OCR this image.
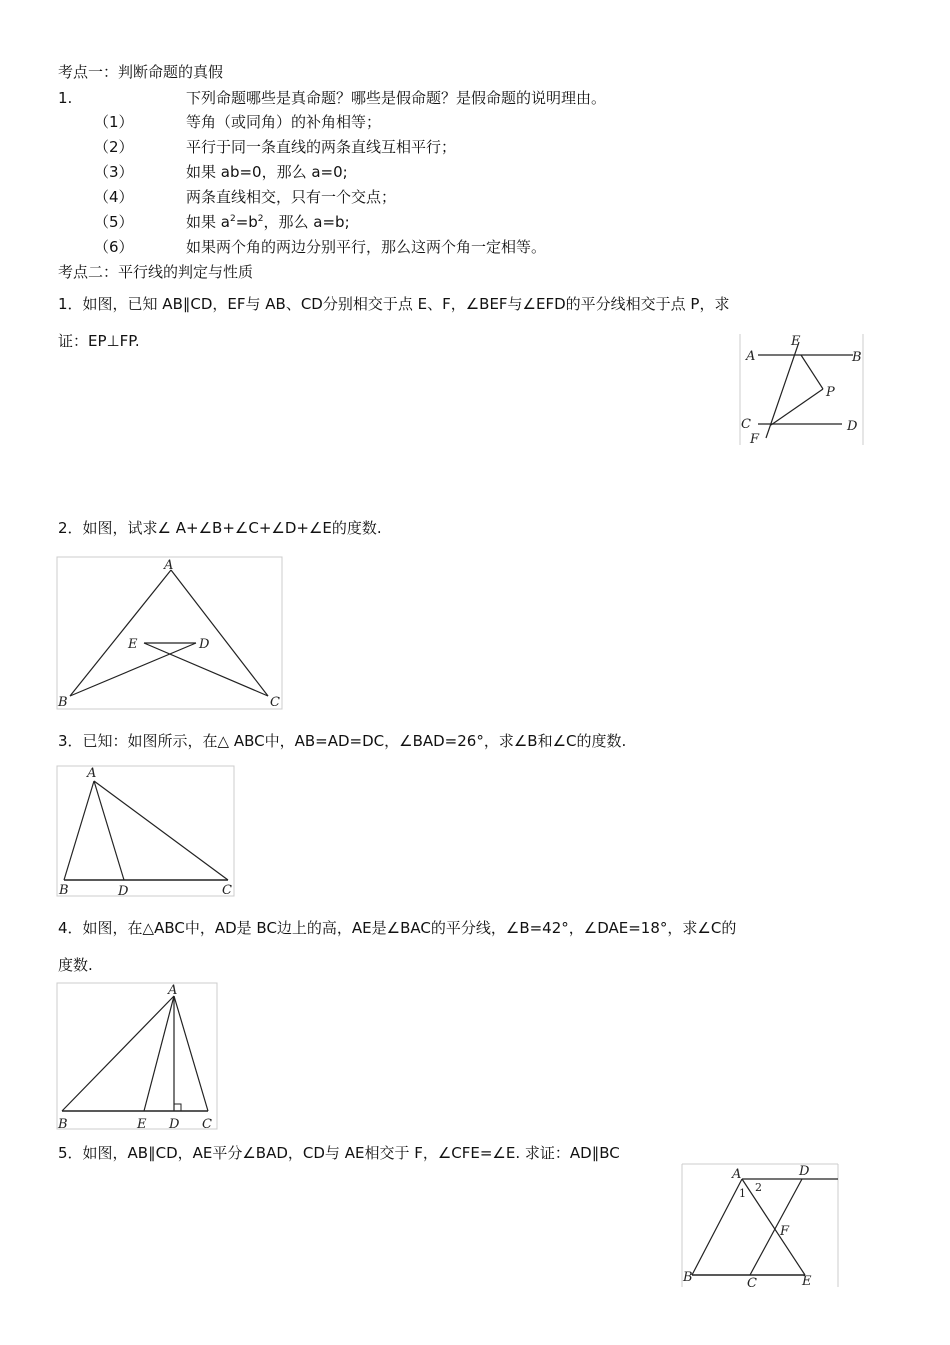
考点一：判断命题的真假
1.	下列命题哪些是真命题？哪些是假命题？是假命题的说明理由。
（1）	等角（或同角）的补角相等；
（2）	平行于同一条直线的两条直线互相平行；
（3）	如果 ab=0，那么 a=0;
（4）	两条直线相交，只有一个交点；
（5）	如果 $a^2=b^2$，那么 a=b;
（6）	如果两个角的两边分别平行，那么这两个角一定相等。
考点二：平行线的判定与性质
1．如图，已知 AB∥CD，EF与 AB、CD分别相交于点 E、F，∠BEF与∠EFD的平分线相交于点 P，求
证：EP⊥FP.
A
E
B
P
C
F
D
2．如图，试求∠ A+∠B+∠C+∠D+∠E的度数.
A
E	D
B	C
3．已知：如图所示，在△ ABC中，AB=AD=DC，∠BAD=26°，求∠B和∠C的度数.
A
B	D	C
4．如图，在△ABC中，AD是 BC边上的高，AE是∠BAC的平分线，∠B=42°，∠DAE=18°，求∠C的
度数.
A
B	E D C
5．如图，AB∥CD，AE平分∠BAD，CD与 AE相交于 F，∠CFE=∠E. 求证：AD∥BC
A	D
1 2
F
B	C	E
